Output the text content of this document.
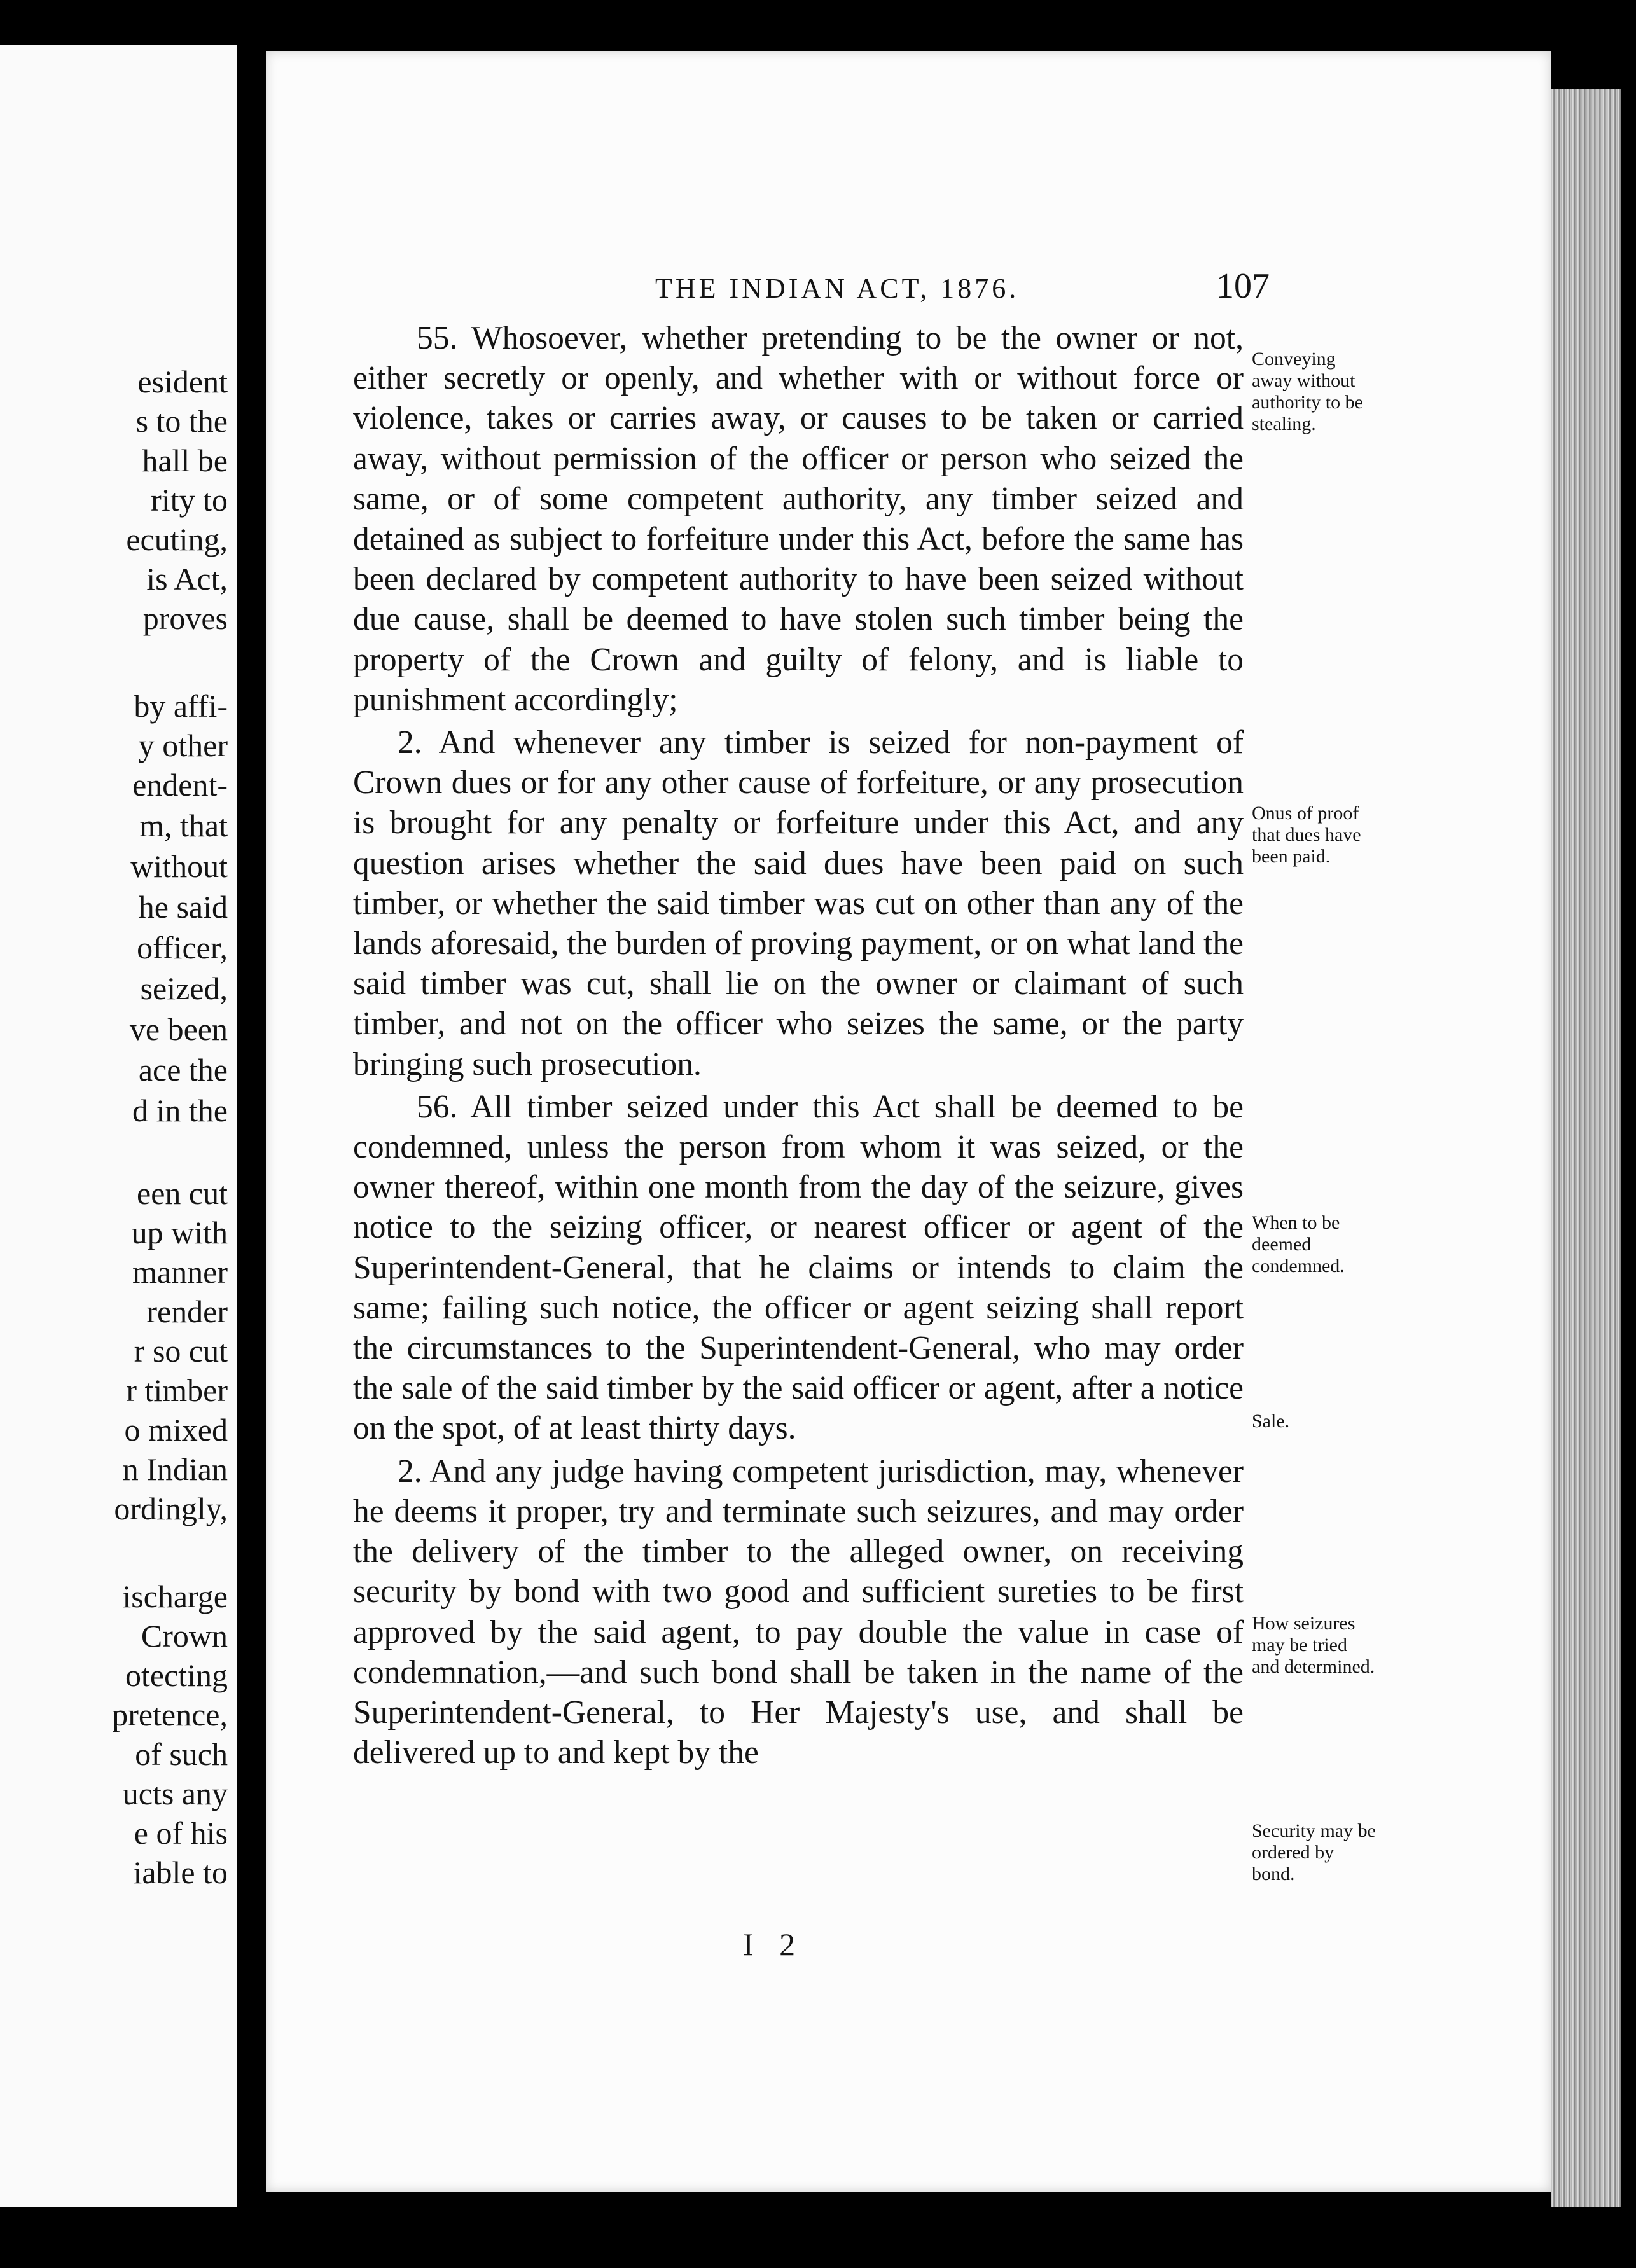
esident
s to the
hall be
rity to
ecuting,
is Act,
proves
by affi-
y other
endent-
m, that
without
he said
officer,
seized,
ve been
ace the
d in the
een cut
up with
manner
render
r so cut
r timber
o mixed
n Indian
ordingly,
ischarge
Crown
otecting
pretence,
of such
ucts any
e of his
iable to
THE INDIAN ACT, 1876.	107

55. Whosoever, whether pretending to be the owner or not, either secretly or openly, and whether with or without force or violence, takes or carries away, or causes to be taken or carried away, without permission of the officer or person who seized the same, or of some competent authority, any timber seized and detained as subject to forfeiture under this Act, before the same has been declared by competent authority to have been seized without due cause, shall be deemed to have stolen such timber being the property of the Crown and guilty of felony, and is liable to punishment accordingly;

2. And whenever any timber is seized for non-payment of Crown dues or for any other cause of forfeiture, or any prosecution is brought for any penalty or forfeiture under this Act, and any question arises whether the said dues have been paid on such timber, or whether the said timber was cut on other than any of the lands aforesaid, the burden of proving payment, or on what land the said timber was cut, shall lie on the owner or claimant of such timber, and not on the officer who seizes the same, or the party bringing such prosecution.

56. All timber seized under this Act shall be deemed to be condemned, unless the person from whom it was seized, or the owner thereof, within one month from the day of the seizure, gives notice to the seizing officer, or nearest officer or agent of the Superintendent-General, that he claims or intends to claim the same; failing such notice, the officer or agent seizing shall report the circumstances to the Superintendent-General, who may order the sale of the said timber by the said officer or agent, after a notice on the spot, of at least thirty days.

2. And any judge having competent jurisdiction, may, whenever he deems it proper, try and terminate such seizures, and may order the delivery of the timber to the alleged owner, on receiving security by bond with two good and sufficient sureties to be first approved by the said agent, to pay double the value in case of condemnation,—and such bond shall be taken in the name of the Superintendent-General, to Her Majesty's use, and shall be delivered up to and kept by the

Conveying away without authority to be stealing.
Onus of proof that dues have been paid.
When to be deemed condemned.
Sale.
How seizures may be tried and determined.
Security may be ordered by bond.
I 2
